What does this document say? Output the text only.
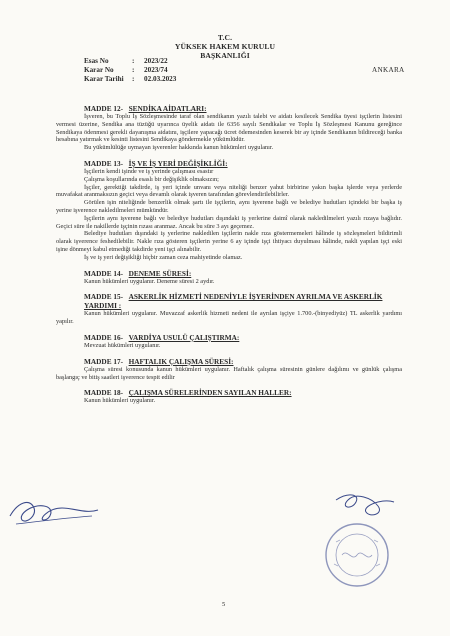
T.C.
YÜKSEK HAKEM KURULU
BAŞKANLIĞI
Esas No	:	2023/22
Karar No	:	2023/74
Karar Tarihi	:	02.03.2023
ANKARA
MADDE 12- SENDİKA AİDATLARI:

İşveren, bu Toplu İş Sözleşmesinde taraf olan sendikanın yazılı talebi ve aidatı kesilecek Sendika üyesi işçilerin listesini vermesi üzerine, Sendika ana tüzüğü uyarınca üyelik aidatı ile 6356 sayılı Sendikalar ve Toplu İş Sözleşmesi Kanunu gereğince Sendikaya ödenmesi gerekli dayanışma aidatını, işçilere yapacağı ücret ödemesinden keserek bir ay içinde Sendikanın bildireceği banka hesabına yatırmak ve kesinti listesini Sendikaya göndermekle yükümlüdür.

Bu yükümlülüğe uymayan işverenler hakkında kanun hükümleri uygulanır.

MADDE 13- İŞ VE İŞ YERİ DEĞİŞİKLİĞİ:

İşçilerin kendi işinde ve iş yerinde çalışması esastır

Çalışma koşullarında esaslı bir değişiklik olmaksızın;

İşçiler, gerektiği takdirde, iş yeri içinde unvanı veya niteliği benzer yahut birbirine yakın başka işlerde veya yerlerde muvafakat aranmaksızın geçici veya devamlı olarak işveren tarafından görevlendirilebilirler.

Görülen işin niteliğinde benzerlik olmak şartı ile işçilerin, aynı işverene bağlı ve belediye hudutları içindeki bir başka iş yerine işverence nakledilmeleri mümkündür.

İşçilerin aynı işverene bağlı ve belediye hudutları dışındaki iş yerlerine daimî olarak nakledilmeleri yazılı rızaya bağlıdır. Geçici süre ile nakillerde işçinin rızası aranmaz. Ancak bu süre 3 ayı geçemez.

Belediye hudutları dışındaki iş yerlerine nakledilen işçilerin nakle rıza göstermemeleri hâlinde iş sözleşmeleri bildirimli olarak işverence feshedilebilir. Nakle rıza gösteren işçilerin yerine 6 ay içinde işçi ihtiyacı duyulması hâlinde, nakli yapılan işçi eski işine dönmeyi kabul etmediği takdirde yeni işçi alınabilir.

İş ve iş yeri değişikliği hiçbir zaman ceza mahiyetinde olamaz.

MADDE 14- DENEME SÜRESİ:

Kanun hükümleri uygulanır. Deneme süresi 2 aydır.

MADDE 15- ASKERLİK HİZMETİ NEDENİYLE İŞYERİNDEN AYRILMA VE ASKERLİK YARDIMI :

Kanun hükümleri uygulanır. Muvazzaf askerlik hizmeti nedeni ile ayrılan işçiye 1.700.-(binyediyüz) TL askerlik yardımı yapılır.

MADDE 16- VARDİYA USULÜ ÇALIŞTIRMA:

Mevzuat hükümleri uygulanır.

MADDE 17- HAFTALIK ÇALIŞMA SÜRESİ:

Çalışma süresi konusunda kanun hükümleri uygulanır. Haftalık çalışma süresinin günlere dağılımı ve günlük çalışma başlangıç ve bitiş saatleri işverence tespit edilir

MADDE 18- ÇALIŞMA SÜRELERİNDEN SAYILAN HALLER:

Kanun hükümleri uygulanır.

5
